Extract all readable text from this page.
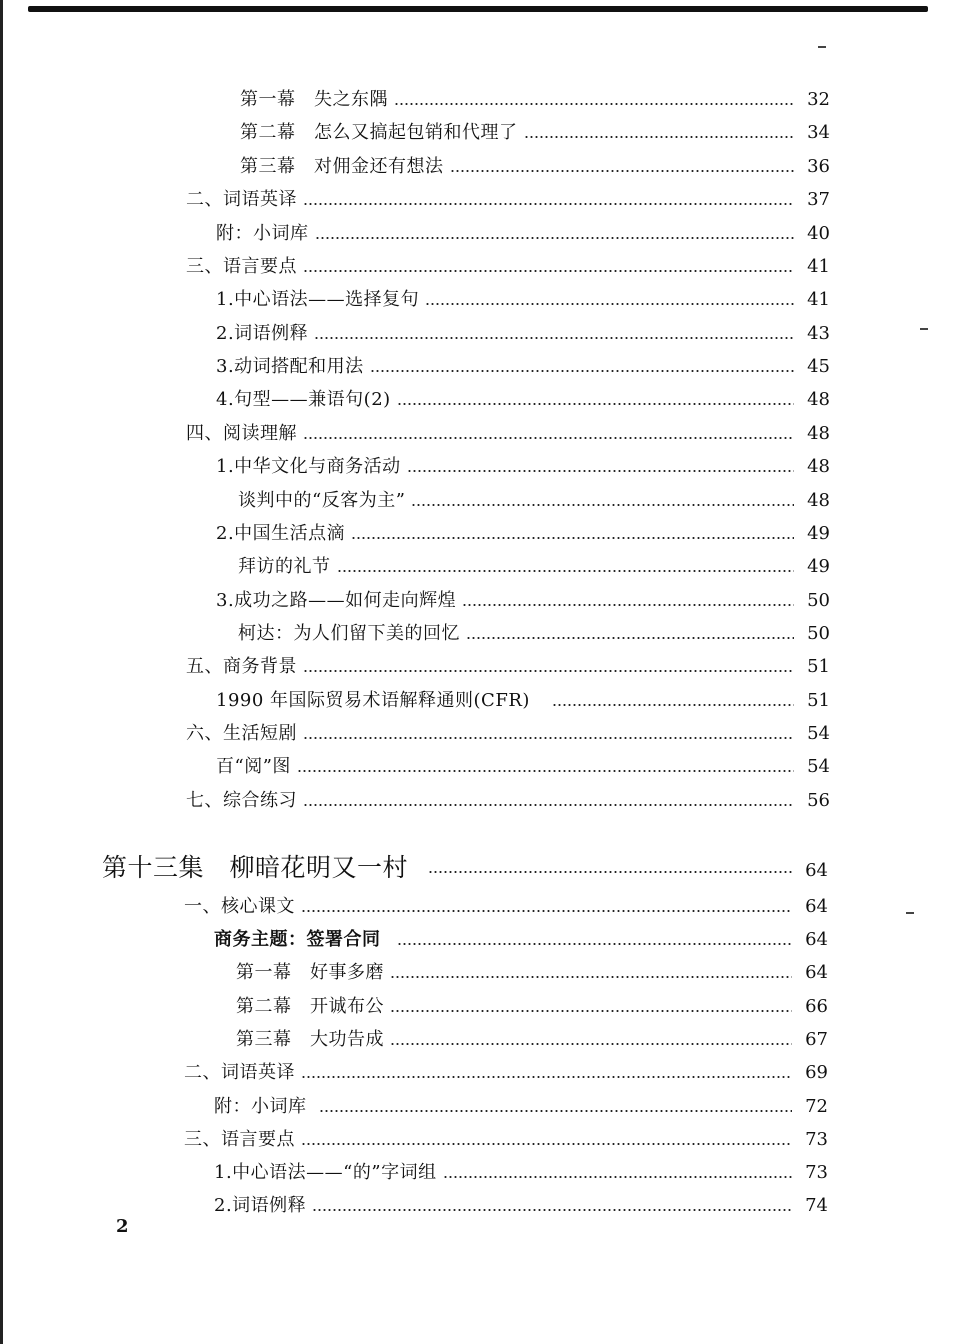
第一幕　失之东隅	32
第二幕　怎么又搞起包销和代理了	34
第三幕　对佣金还有想法	36
二、词语英译	37
附：小词库	40
三、语言要点	41
1.中心语法——选择复句	41
2.词语例释	43
3.动词搭配和用法	45
4.句型——兼语句(2)	48
四、阅读理解	48
1.中华文化与商务活动	48
谈判中的“反客为主”	48
2.中国生活点滴	49
拜访的礼节	49
3.成功之路——如何走向辉煌	50
柯达：为人们留下美的回忆	50
五、商务背景	51
1990 年国际贸易术语解释通则(CFR)	51
六、生活短剧	54
百“阅”图	54
七、综合练习	56
第十三集　柳暗花明又一村	64
一、核心课文	64
商务主题：签署合同	64
第一幕　好事多磨	64
第二幕　开诚布公	66
第三幕　大功告成	67
二、词语英译	69
附：小词库	72
三、语言要点	73
1.中心语法——“的”字词组	73
2.词语例释	74
2
